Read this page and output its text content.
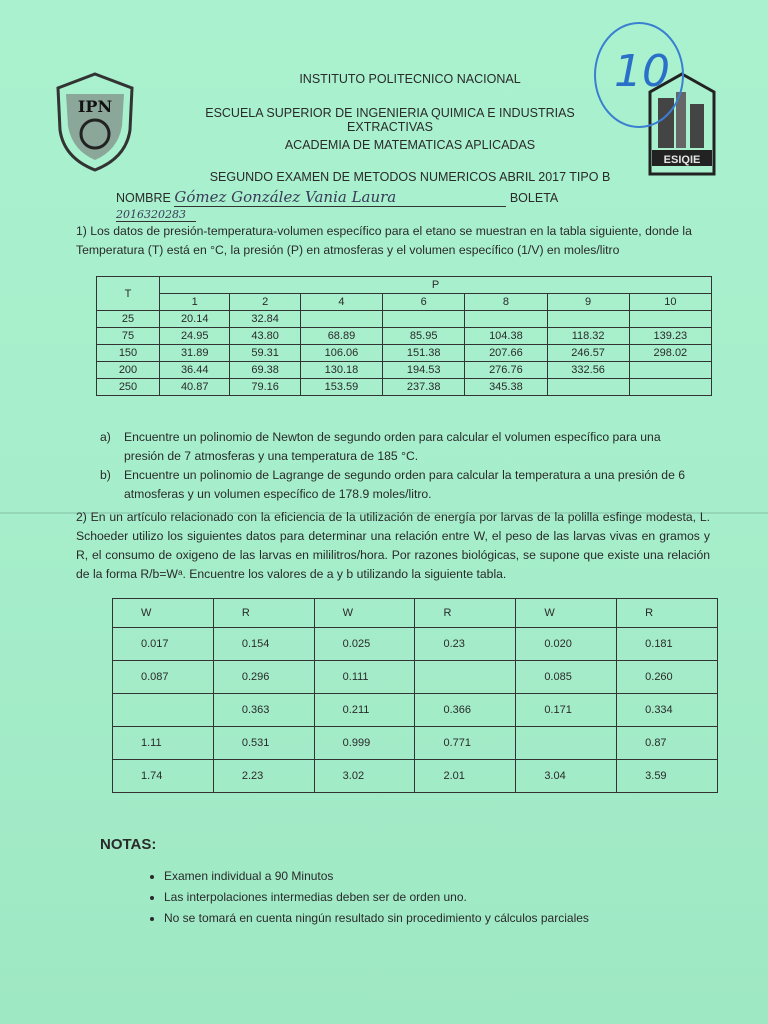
IPN
ESIQIE
10
INSTITUTO POLITECNICO NACIONAL
ESCUELA SUPERIOR DE INGENIERIA QUIMICA E INDUSTRIAS EXTRACTIVAS
ACADEMIA DE MATEMATICAS APLICADAS
SEGUNDO EXAMEN DE METODOS NUMERICOS ABRIL 2017 TIPO B
NOMBRE Gómez González Vania Laura	BOLETA 2016320283
1) Los datos de presión-temperatura-volumen específico para el etano se muestran en la tabla siguiente, donde la Temperatura (T) está en °C, la presión (P) en atmosferas y el volumen específico (1/V) en moles/litro
T	P						
	1	2	4	6	8	9	10
25	20.14	32.84					
75	24.95	43.80	68.89	85.95	104.38	118.32	139.23
150	31.89	59.31	106.06	151.38	207.66	246.57	298.02
200	36.44	69.38	130.18	194.53	276.76	332.56	
250	40.87	79.16	153.59	237.38	345.38		
a) Encuentre un polinomio de Newton de segundo orden para calcular el volumen específico para una presión de 7 atmosferas y una temperatura de 185 °C.
b) Encuentre un polinomio de Lagrange de segundo orden para calcular la temperatura a una presión de 6 atmosferas y un volumen específico de 178.9 moles/litro.
2) En un artículo relacionado con la eficiencia de la utilización de energía por larvas de la polilla esfinge modesta, L. Schoeder utilizo los siguientes datos para determinar una relación entre W, el peso de las larvas vivas en gramos y R, el consumo de oxigeno de las larvas en mililitros/hora. Por razones biológicas, se supone que existe una relación de la forma R/b=Wᵃ. Encuentre los valores de a y b utilizando la siguiente tabla.
W	R	W	R	W	R
0.017	0.154	0.025	0.23	0.020	0.181
0.087	0.296	0.111		0.085	0.260
	0.363	0.211	0.366	0.171	0.334
1.11	0.531	0.999	0.771		0.87
1.74	2.23	3.02	2.01	3.04	3.59
NOTAS:
• Examen individual a 90 Minutos
• Las interpolaciones intermedias deben ser de orden uno.
• No se tomará en cuenta ningún resultado sin procedimiento y cálculos parciales
